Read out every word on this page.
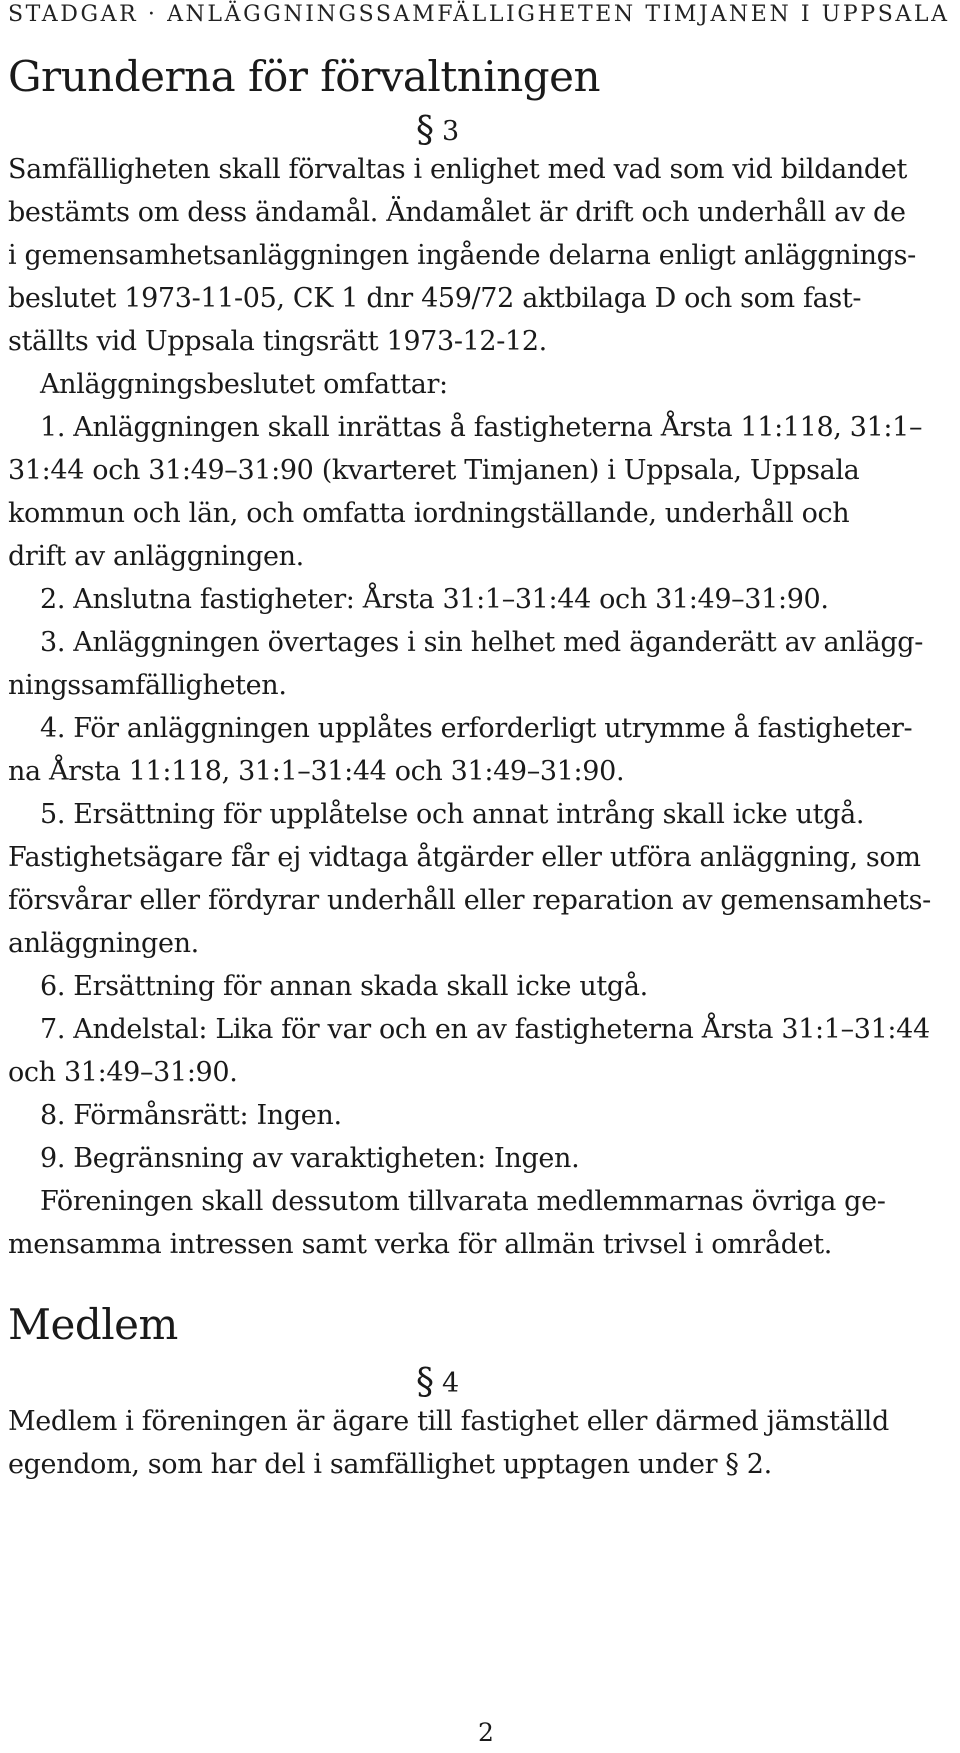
STADGAR · ANLÄGGNINGSSAMFÄLLIGHETEN TIMJANEN I UPPSALA
Grunderna för förvaltningen
§ 3
Samfälligheten skall förvaltas i enlighet med vad som vid bildandet
bestämts om dess ändamål. Ändamålet är drift och underhåll av de
i gemensamhetsanläggningen ingående delarna enligt anläggnings-
beslutet 1973-11-05, CK 1 dnr 459/72 aktbilaga D och som fast-
ställts vid Uppsala tingsrätt 1973-12-12.
Anläggningsbeslutet omfattar:
1. Anläggningen skall inrättas å fastigheterna Årsta 11:118, 31:1–
31:44 och 31:49–31:90 (kvarteret Timjanen) i Uppsala, Uppsala
kommun och län, och omfatta iordningställande, underhåll och
drift av anläggningen.
2. Anslutna fastigheter: Årsta 31:1–31:44 och 31:49–31:90.
3. Anläggningen övertages i sin helhet med äganderätt av anlägg-
ningssamfälligheten.
4. För anläggningen upplåtes erforderligt utrymme å fastigheter-
na Årsta 11:118, 31:1–31:44 och 31:49–31:90.
5. Ersättning för upplåtelse och annat intrång skall icke utgå.
Fastighetsägare får ej vidtaga åtgärder eller utföra anläggning, som
försvårar eller fördyrar underhåll eller reparation av gemensamhets-
anläggningen.
6. Ersättning för annan skada skall icke utgå.
7. Andelstal: Lika för var och en av fastigheterna Årsta 31:1–31:44
och 31:49–31:90.
8. Förmånsrätt: Ingen.
9. Begränsning av varaktigheten: Ingen.
Föreningen skall dessutom tillvarata medlemmarnas övriga ge-
mensamma intressen samt verka för allmän trivsel i området.
Medlem
§ 4
Medlem i föreningen är ägare till fastighet eller därmed jämställd
egendom, som har del i samfällighet upptagen under § 2.
2
